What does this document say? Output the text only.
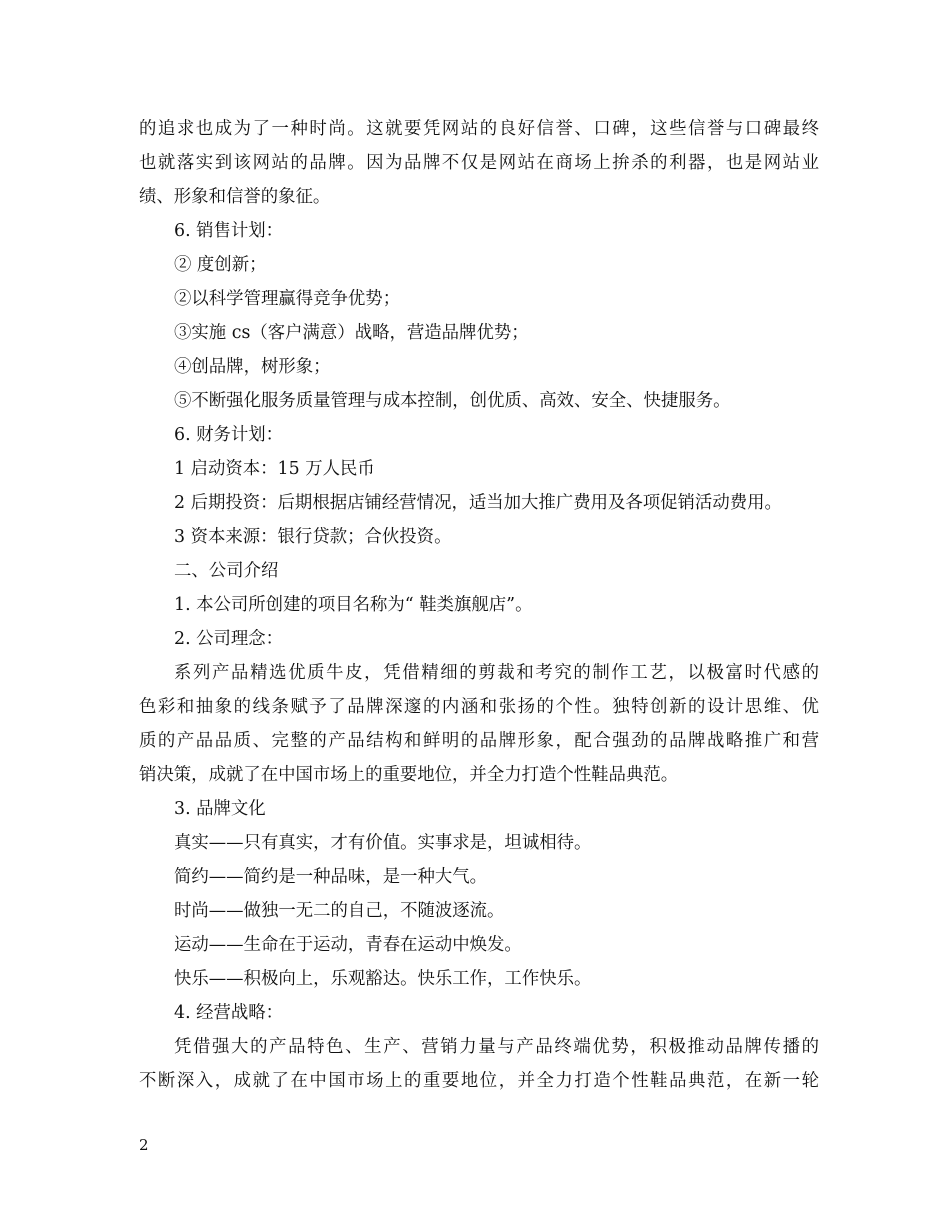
的追求也成为了一种时尚。这就要凭网站的良好信誉、口碑，这些信誉与口碑最终
也就落实到该网站的品牌。因为品牌不仅是网站在商场上拚杀的利器，也是网站业
绩、形象和信誉的象征。
6. 销售计划：
② 度创新；
②以科学管理赢得竞争优势；
③实施 cs（客户满意）战略，营造品牌优势；
④创品牌，树形象；
⑤不断强化服务质量管理与成本控制，创优质、高效、安全、快捷服务。
6. 财务计划：
1 启动资本：15 万人民币
2 后期投资：后期根据店铺经营情况，适当加大推广费用及各项促销活动费用。
3 资本来源：银行贷款；合伙投资。
二、公司介绍
1. 本公司所创建的项目名称为“ 鞋类旗舰店”。
2. 公司理念：
系列产品精选优质牛皮，凭借精细的剪裁和考究的制作工艺，以极富时代感的
色彩和抽象的线条赋予了品牌深邃的内涵和张扬的个性。独特创新的设计思维、优
质的产品品质、完整的产品结构和鲜明的品牌形象，配合强劲的品牌战略推广和营
销决策，成就了在中国市场上的重要地位，并全力打造个性鞋品典范。
3. 品牌文化
真实——只有真实，才有价值。实事求是，坦诚相待。
简约——简约是一种品味，是一种大气。
时尚——做独一无二的自己，不随波逐流。
运动——生命在于运动，青春在运动中焕发。
快乐——积极向上，乐观豁达。快乐工作，工作快乐。
4. 经营战略：
凭借强大的产品特色、生产、营销力量与产品终端优势，积极推动品牌传播的
不断深入，成就了在中国市场上的重要地位，并全力打造个性鞋品典范，在新一轮
2
